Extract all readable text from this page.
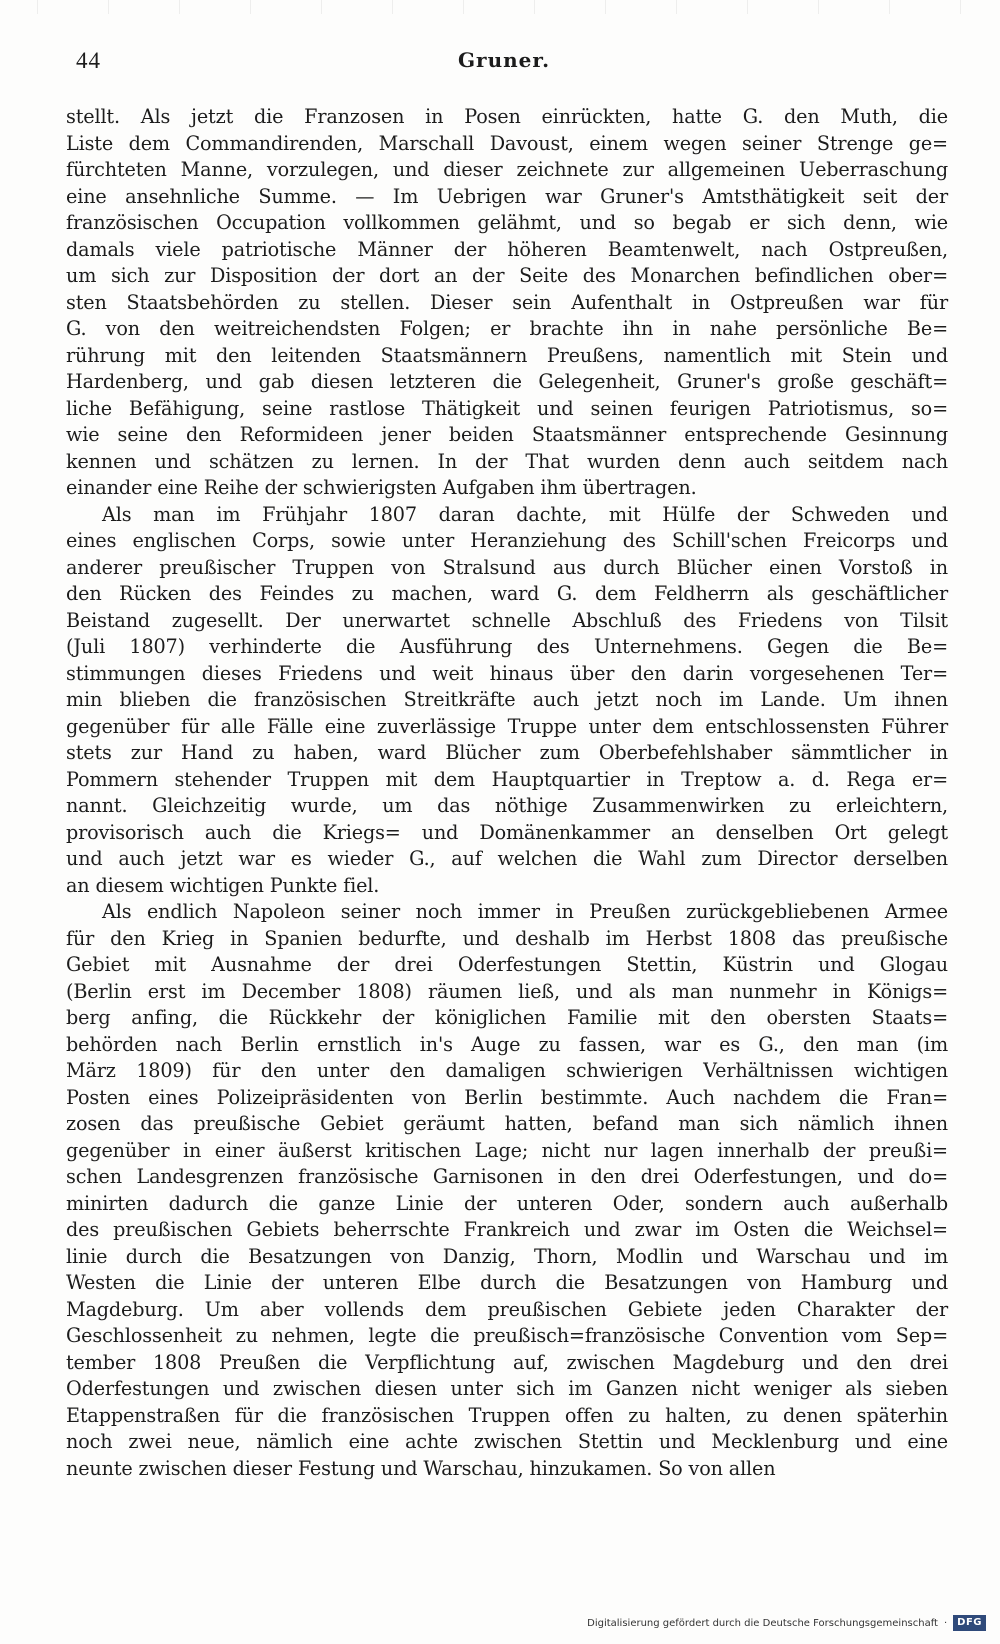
44	Gruner.
stellt. Als jetzt die Franzosen in Posen einrückten, hatte G. den Muth, die
Liste dem Commandirenden, Marschall Davoust, einem wegen seiner Strenge ge=
fürchteten Manne, vorzulegen, und dieser zeichnete zur allgemeinen Ueberraschung
eine ansehnliche Summe. — Im Uebrigen war Gruner's Amtsthätigkeit seit der
französischen Occupation vollkommen gelähmt, und so begab er sich denn, wie
damals viele patriotische Männer der höheren Beamtenwelt, nach Ostpreußen,
um sich zur Disposition der dort an der Seite des Monarchen befindlichen ober=
sten Staatsbehörden zu stellen. Dieser sein Aufenthalt in Ostpreußen war für
G. von den weitreichendsten Folgen; er brachte ihn in nahe persönliche Be=
rührung mit den leitenden Staatsmännern Preußens, namentlich mit Stein und
Hardenberg, und gab diesen letzteren die Gelegenheit, Gruner's große geschäft=
liche Befähigung, seine rastlose Thätigkeit und seinen feurigen Patriotismus, so=
wie seine den Reformideen jener beiden Staatsmänner entsprechende Gesinnung
kennen und schätzen zu lernen. In der That wurden denn auch seitdem nach
einander eine Reihe der schwierigsten Aufgaben ihm übertragen.
Als man im Frühjahr 1807 daran dachte, mit Hülfe der Schweden und
eines englischen Corps, sowie unter Heranziehung des Schill'schen Freicorps und
anderer preußischer Truppen von Stralsund aus durch Blücher einen Vorstoß in
den Rücken des Feindes zu machen, ward G. dem Feldherrn als geschäftlicher
Beistand zugesellt. Der unerwartet schnelle Abschluß des Friedens von Tilsit
(Juli 1807) verhinderte die Ausführung des Unternehmens. Gegen die Be=
stimmungen dieses Friedens und weit hinaus über den darin vorgesehenen Ter=
min blieben die französischen Streitkräfte auch jetzt noch im Lande. Um ihnen
gegenüber für alle Fälle eine zuverlässige Truppe unter dem entschlossensten Führer
stets zur Hand zu haben, ward Blücher zum Oberbefehlshaber sämmtlicher in
Pommern stehender Truppen mit dem Hauptquartier in Treptow a. d. Rega er=
nannt. Gleichzeitig wurde, um das nöthige Zusammenwirken zu erleichtern,
provisorisch auch die Kriegs= und Domänenkammer an denselben Ort gelegt
und auch jetzt war es wieder G., auf welchen die Wahl zum Director derselben
an diesem wichtigen Punkte fiel.
Als endlich Napoleon seiner noch immer in Preußen zurückgebliebenen Armee
für den Krieg in Spanien bedurfte, und deshalb im Herbst 1808 das preußische
Gebiet mit Ausnahme der drei Oderfestungen Stettin, Küstrin und Glogau
(Berlin erst im December 1808) räumen ließ, und als man nunmehr in Königs=
berg anfing, die Rückkehr der königlichen Familie mit den obersten Staats=
behörden nach Berlin ernstlich in's Auge zu fassen, war es G., den man (im
März 1809) für den unter den damaligen schwierigen Verhältnissen wichtigen
Posten eines Polizeipräsidenten von Berlin bestimmte. Auch nachdem die Fran=
zosen das preußische Gebiet geräumt hatten, befand man sich nämlich ihnen
gegenüber in einer äußerst kritischen Lage; nicht nur lagen innerhalb der preußi=
schen Landesgrenzen französische Garnisonen in den drei Oderfestungen, und do=
minirten dadurch die ganze Linie der unteren Oder, sondern auch außerhalb
des preußischen Gebiets beherrschte Frankreich und zwar im Osten die Weichsel=
linie durch die Besatzungen von Danzig, Thorn, Modlin und Warschau und im
Westen die Linie der unteren Elbe durch die Besatzungen von Hamburg und
Magdeburg. Um aber vollends dem preußischen Gebiete jeden Charakter der
Geschlossenheit zu nehmen, legte die preußisch=französische Convention vom Sep=
tember 1808 Preußen die Verpflichtung auf, zwischen Magdeburg und den drei
Oderfestungen und zwischen diesen unter sich im Ganzen nicht weniger als sieben
Etappenstraßen für die französischen Truppen offen zu halten, zu denen späterhin
noch zwei neue, nämlich eine achte zwischen Stettin und Mecklenburg und eine
neunte zwischen dieser Festung und Warschau, hinzukamen. So von allen
Digitalisierung gefördert durch die Deutsche Forschungsgemeinschaft ·	DFG
